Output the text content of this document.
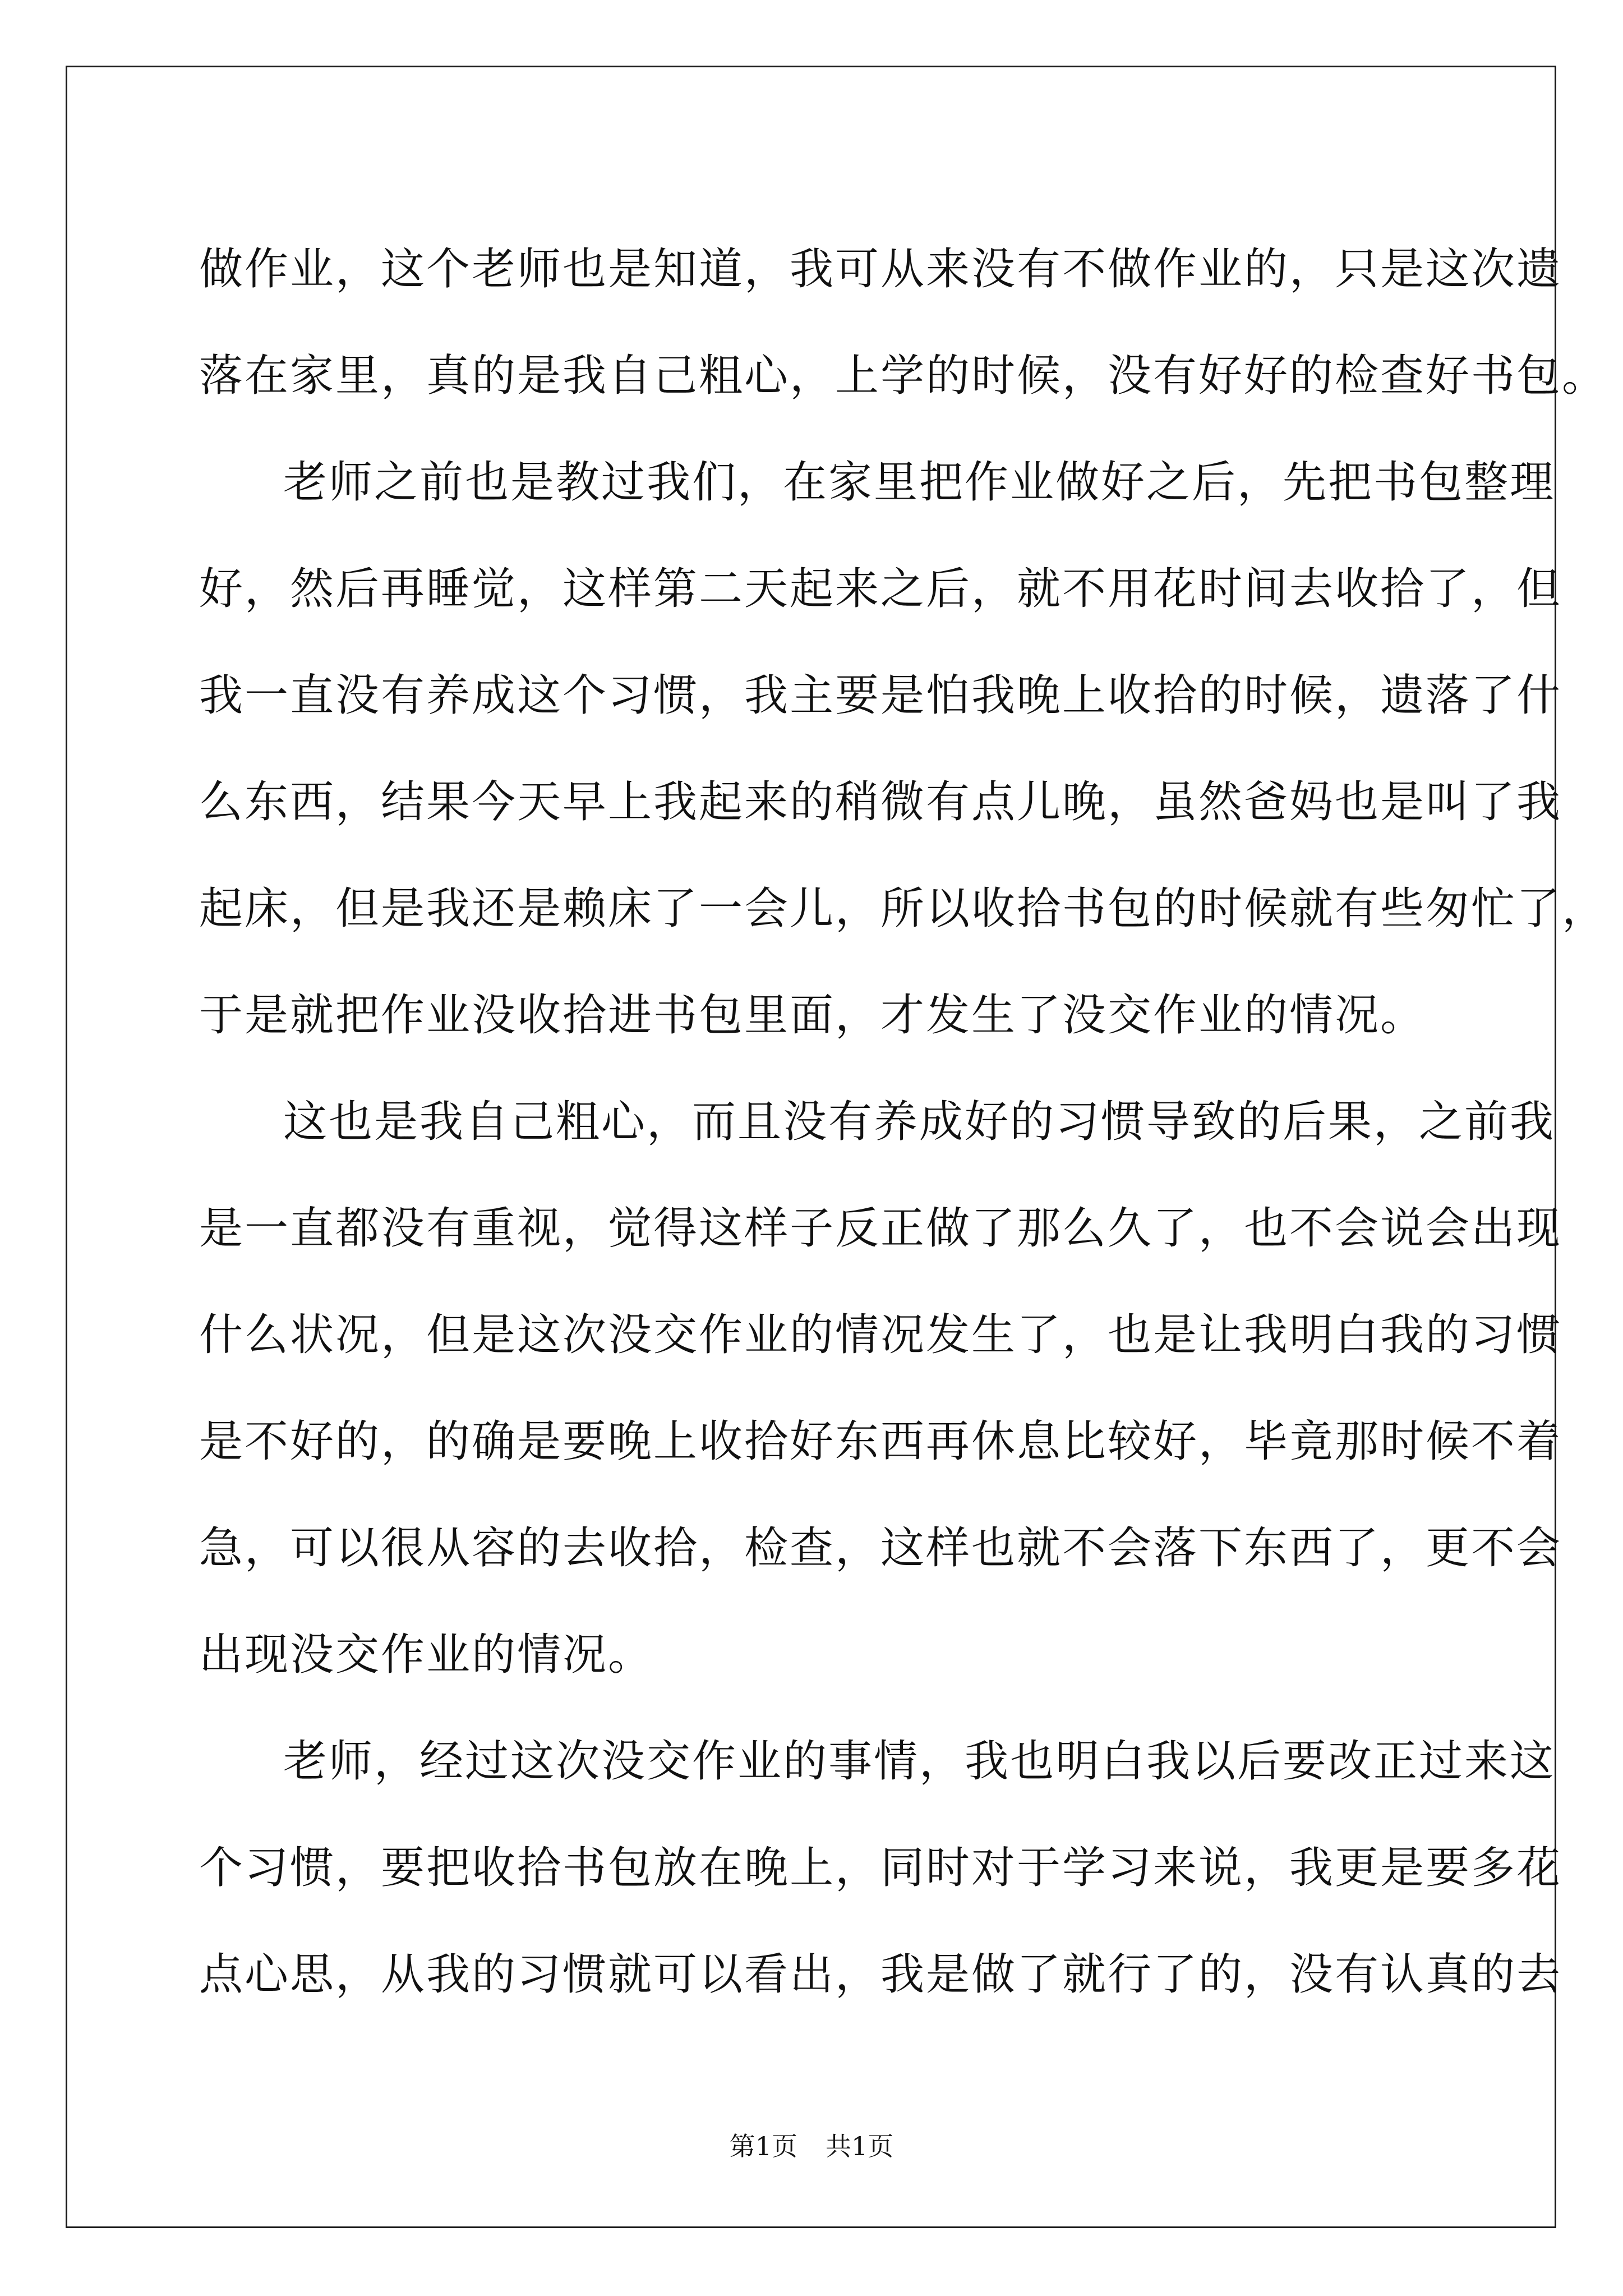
做作业，这个老师也是知道，我可从来没有不做作业的，只是这次遗
落在家里，真的是我自己粗心，上学的时候，没有好好的检查好书包。
老师之前也是教过我们，在家里把作业做好之后，先把书包整理
好，然后再睡觉，这样第二天起来之后，就不用花时间去收拾了，但
我一直没有养成这个习惯，我主要是怕我晚上收拾的时候，遗落了什
么东西，结果今天早上我起来的稍微有点儿晚，虽然爸妈也是叫了我
起床，但是我还是赖床了一会儿，所以收拾书包的时候就有些匆忙了，
于是就把作业没收拾进书包里面，才发生了没交作业的情况。
这也是我自己粗心，而且没有养成好的习惯导致的后果，之前我
是一直都没有重视，觉得这样子反正做了那么久了，也不会说会出现
什么状况，但是这次没交作业的情况发生了，也是让我明白我的习惯
是不好的，的确是要晚上收拾好东西再休息比较好，毕竟那时候不着
急，可以很从容的去收拾，检查，这样也就不会落下东西了，更不会
出现没交作业的情况。
老师，经过这次没交作业的事情，我也明白我以后要改正过来这
个习惯，要把收拾书包放在晚上，同时对于学习来说，我更是要多花
点心思，从我的习惯就可以看出，我是做了就行了的，没有认真的去
第1页 共1页
